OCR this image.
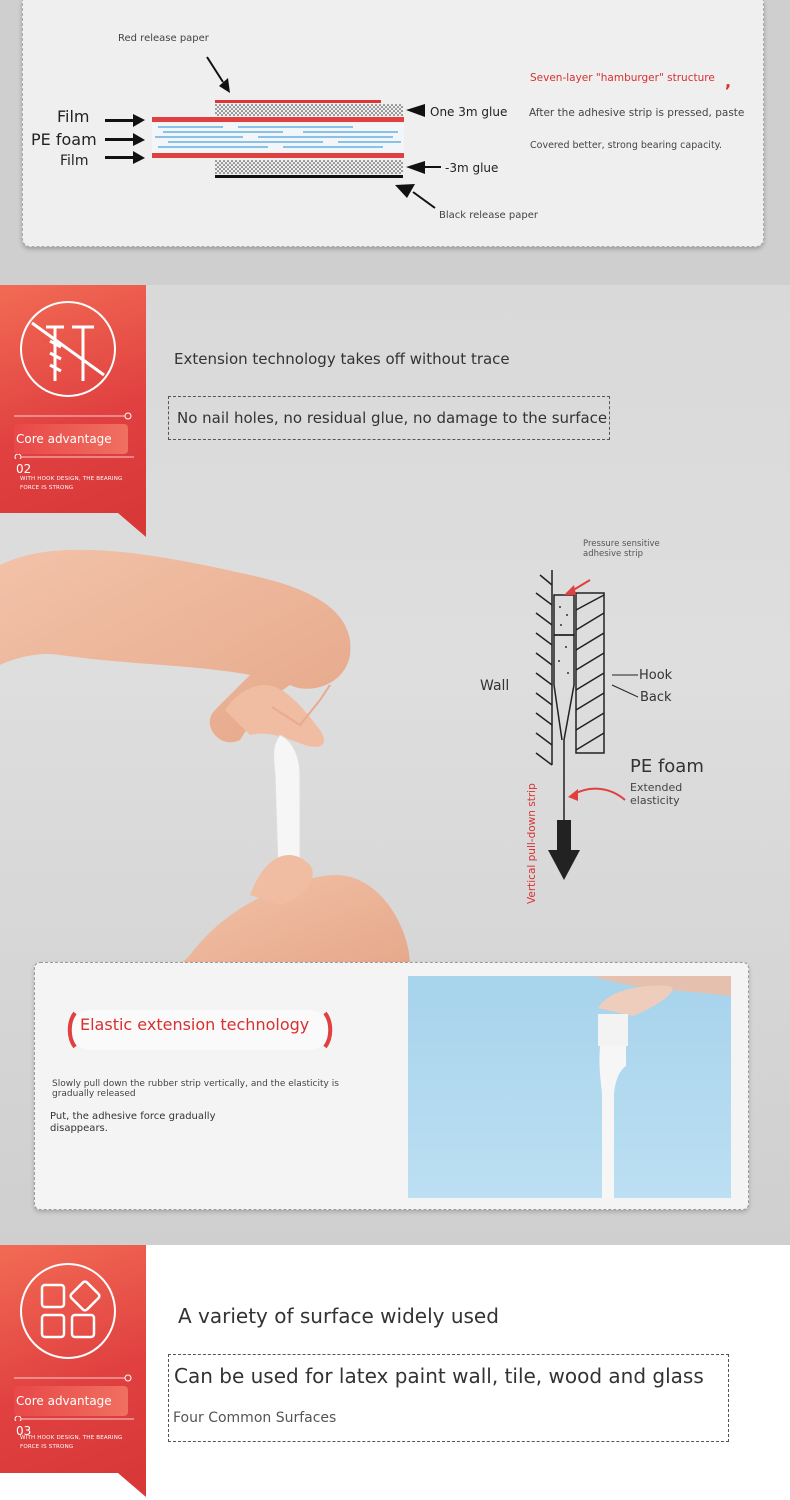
Red release paper
Film
PE foam
Film
One 3m glue
-3m glue
Black release paper
Seven-layer "hamburger" structure ,
After the adhesive strip is pressed, paste
Covered better, strong bearing capacity.
Core advantage 02
WITH HOOK DESIGN, THE BEARING FORCE IS STRONG
Extension technology takes off without trace
No nail holes, no residual glue, no damage to the surface
Pressure sensitive adhesive strip
Wall
Hook
Back
PE foam
Extended elasticity
Vertical pull-down strip
Elastic extension technology
Slowly pull down the rubber strip vertically, and the elasticity is gradually released
Put, the adhesive force gradually disappears.
Core advantage 03
WITH HOOK DESIGN, THE BEARING FORCE IS STRONG
A variety of surface widely used
Can be used for latex paint wall, tile, wood and glass
Four Common Surfaces
